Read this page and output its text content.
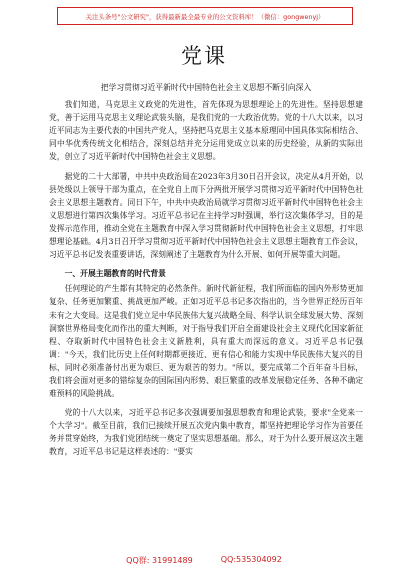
关注头条号"公文研究"，获得最新最全最专业的公文资料库！（微信：gongwenyj）
党课

把学习贯彻习近平新时代中国特色社会主义思想不断引向深入

我们知道，马克思主义政党的先进性，首先体现为思想理论上的先进性。坚持思想建党，善于运用马克思主义理论武装头脑，是我们党的一大政治优势。党的十八大以来，以习近平同志为主要代表的中国共产党人，坚持把马克思主义基本原理同中国具体实际相结合、同中华优秀传统文化相结合，深刻总结并充分运用党成立以来的历史经验，从新的实际出发，创立了习近平新时代中国特色社会主义思想。

据党的二十大部署，中共中央政治局在2023年3月30日召开会议，决定从4月开始，以县处级以上领导干部为重点，在全党自上而下分两批开展学习贯彻习近平新时代中国特色社会主义思想主题教育。同日下午，中共中央政治局就学习贯彻习近平新时代中国特色社会主义思想进行第四次集体学习。习近平总书记在主持学习时强调，举行这次集体学习，目的是发挥示范作用，推动全党在主题教育中深入学习贯彻新时代中国特色社会主义思想，打牢思想理论基础。4月3日召开学习贯彻习近平新时代中国特色社会主义思想主题教育工作会议，习近平总书记发表重要讲话，深刻阐述了主题教育为什么开展、如何开展等重大问题。

一、开展主题教育的时代背景

任何理论的产生都有其特定的必然条件。新时代新征程，我们所面临的国内外形势更加复杂、任务更加繁重、挑战更加严峻。正如习近平总书记多次指出的，当今世界正经历百年未有之大变局。这是我们党立足中华民族伟大复兴战略全局、科学认识全球发展大势、深刻洞察世界格局变化而作出的重大判断，对于指导我们开启全面建设社会主义现代化国家新征程、夺取新时代中国特色社会主义新胜利，具有重大而深远的意义。习近平总书记强调："今天，我们比历史上任何时期都更接近、更有信心和能力实现中华民族伟大复兴的目标，同时必须准备付出更为艰巨、更为艰苦的努力。"所以，要完成第二个百年奋斗目标，我们将会面对更多的错综复杂的国际国内形势、艰巨繁重的改革发展稳定任务、各种不确定难预料的风险挑战。

党的十八大以来，习近平总书记多次强调要加强思想教育和理论武装，要求"全党来一个大学习"。截至目前，我们已接续开展五次党内集中教育，都坚持把理论学习作为首要任务并贯穿始终，为我们党团结统一奠定了坚实思想基础。那么，对于为什么要开展这次主题教育，习近平总书记是这样表述的："要实

QQ群: 31991489	QQ:535304092
